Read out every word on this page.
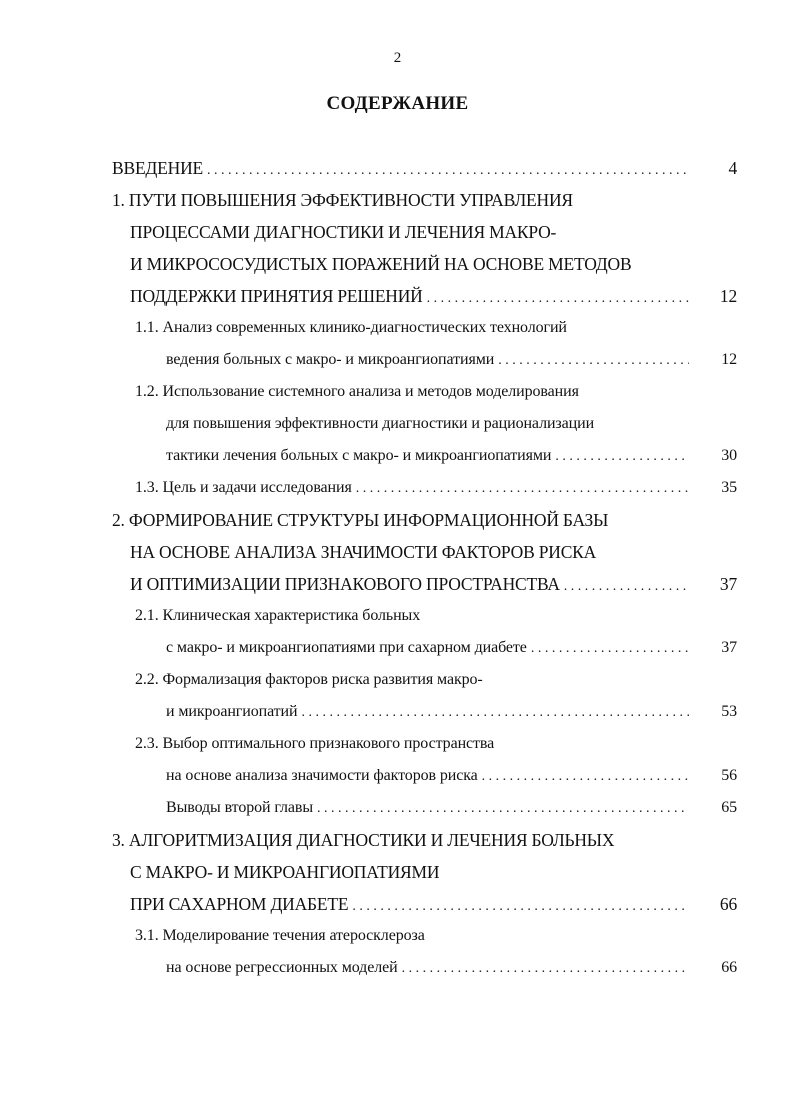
2
СОДЕРЖАНИЕ
ВВЕДЕНИЕ . . .	4
1. ПУТИ ПОВЫШЕНИЯ ЭФФЕКТИВНОСТИ УПРАВЛЕНИЯ
ПРОЦЕССАМИ ДИАГНОСТИКИ И ЛЕЧЕНИЯ МАКРО-
И МИКРОСОСУДИСТЫХ ПОРАЖЕНИЙ НА ОСНОВЕ МЕТОДОВ
ПОДДЕРЖКИ ПРИНЯТИЯ РЕШЕНИЙ . . .	12
1.1. Анализ современных клинико-диагностических технологий
ведения больных с макро- и микроангиопатиями . . .	12
1.2. Использование системного анализа и методов моделирования
для повышения эффективности диагностики и рационализации
тактики лечения больных с макро- и микроангиопатиями . . .	30
1.3. Цель и задачи исследования . . .	35
2. ФОРМИРОВАНИЕ СТРУКТУРЫ ИНФОРМАЦИОННОЙ БАЗЫ
НА ОСНОВЕ АНАЛИЗА ЗНАЧИМОСТИ ФАКТОРОВ РИСКА
И ОПТИМИЗАЦИИ ПРИЗНАКОВОГО ПРОСТРАНСТВА . . .	37
2.1. Клиническая характеристика больных
с макро- и микроангиопатиями при сахарном диабете . . .	37
2.2. Формализация факторов риска развития макро-
и микроангиопатий . . .	53
2.3. Выбор оптимального признакового пространства
на основе анализа значимости факторов риска . . .	56
Выводы второй главы . . .	65
3. АЛГОРИТМИЗАЦИЯ ДИАГНОСТИКИ И ЛЕЧЕНИЯ БОЛЬНЫХ
С МАКРО- И МИКРОАНГИОПАТИЯМИ
ПРИ САХАРНОМ ДИАБЕТЕ . . .	66
3.1. Моделирование течения атеросклероза
на основе регрессионных моделей . . .	66
